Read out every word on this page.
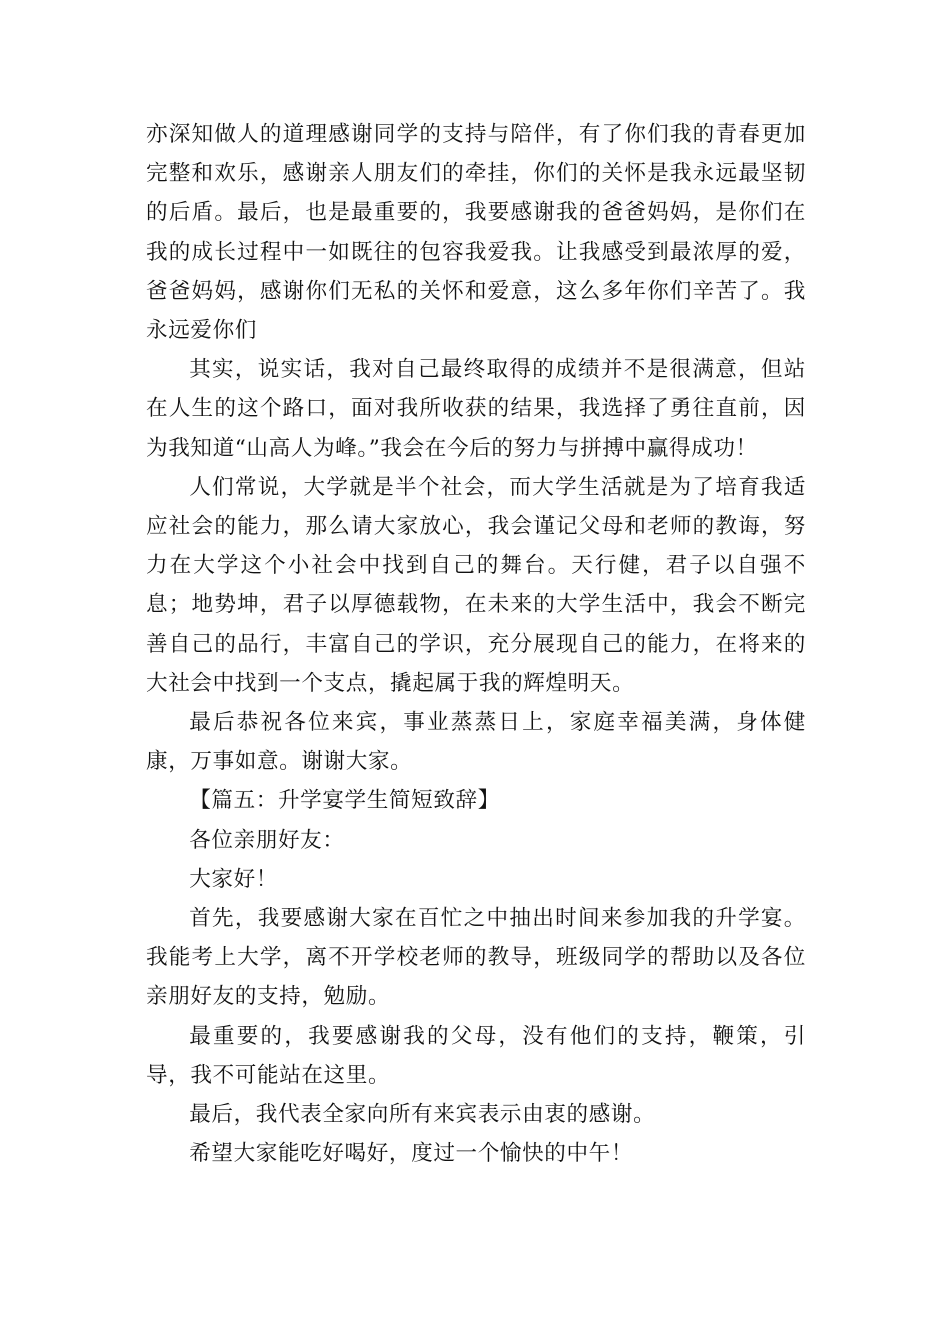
亦深知做人的道理感谢同学的支持与陪伴，有了你们我的青春更加完整和欢乐，感谢亲人朋友们的牵挂，你们的关怀是我永远最坚韧的后盾。最后，也是最重要的，我要感谢我的爸爸妈妈，是你们在我的成长过程中一如既往的包容我爱我。让我感受到最浓厚的爱，爸爸妈妈，感谢你们无私的关怀和爱意，这么多年你们辛苦了。我永远爱你们

其实，说实话，我对自己最终取得的成绩并不是很满意，但站在人生的这个路口，面对我所收获的结果，我选择了勇往直前，因为我知道“山高人为峰。”我会在今后的努力与拼搏中赢得成功！

人们常说，大学就是半个社会，而大学生活就是为了培育我适应社会的能力，那么请大家放心，我会谨记父母和老师的教诲，努力在大学这个小社会中找到自己的舞台。天行健，君子以自强不息；地势坤，君子以厚德载物，在未来的大学生活中，我会不断完善自己的品行，丰富自己的学识，充分展现自己的能力，在将来的大社会中找到一个支点，撬起属于我的辉煌明天。

最后恭祝各位来宾，事业蒸蒸日上，家庭幸福美满，身体健康，万事如意。谢谢大家。

【篇五：升学宴学生简短致辞】

各位亲朋好友：

大家好！

首先，我要感谢大家在百忙之中抽出时间来参加我的升学宴。我能考上大学，离不开学校老师的教导，班级同学的帮助以及各位亲朋好友的支持，勉励。

最重要的，我要感谢我的父母，没有他们的支持，鞭策，引导，我不可能站在这里。

最后，我代表全家向所有来宾表示由衷的感谢。

希望大家能吃好喝好，度过一个愉快的中午！
